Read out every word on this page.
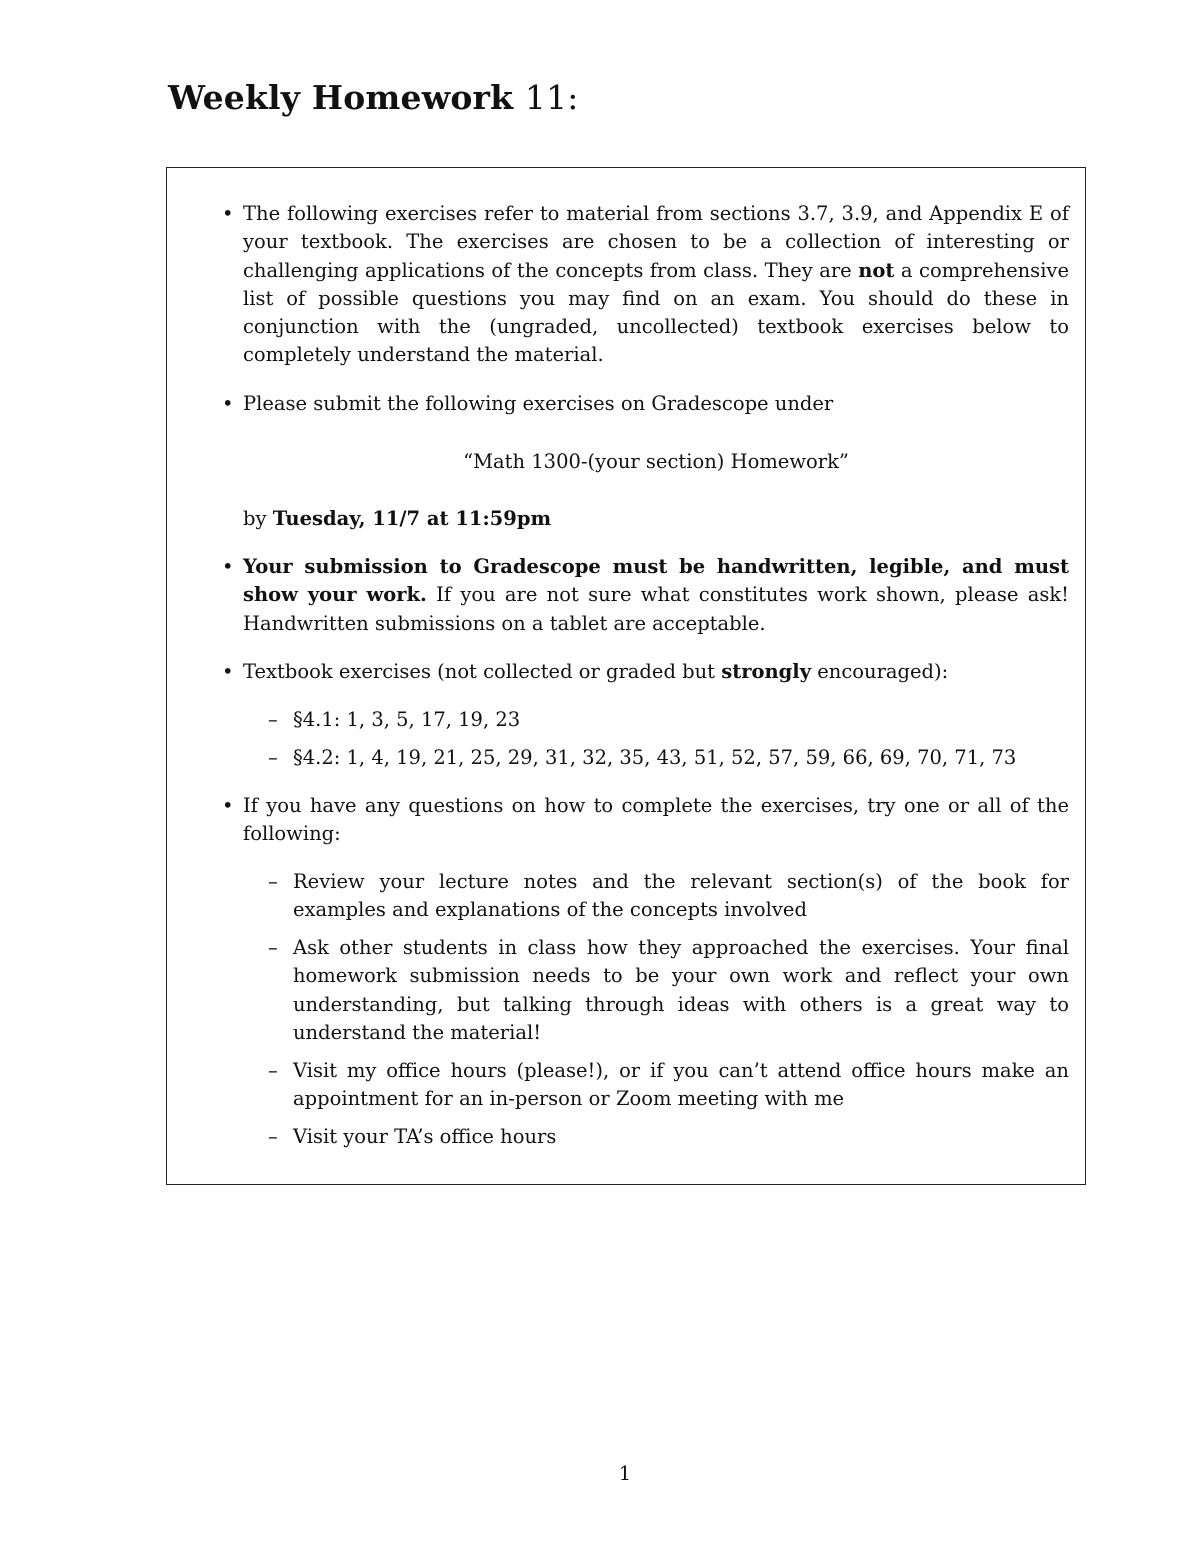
Weekly Homework 11:
• The following exercises refer to material from sections 3.7, 3.9, and Appendix E of your textbook. The exercises are chosen to be a collection of interesting or challenging applications of the concepts from class. They are not a comprehensive list of possible questions you may find on an exam. You should do these in conjunction with the (ungraded, uncollected) textbook exercises below to completely understand the material.
• Please submit the following exercises on Gradescope under
“Math 1300-(your section) Homework”
by Tuesday, 11/7 at 11:59pm
• Your submission to Gradescope must be handwritten, legible, and must show your work. If you are not sure what constitutes work shown, please ask! Handwritten submissions on a tablet are acceptable.
• Textbook exercises (not collected or graded but strongly encouraged):
– §4.1: 1, 3, 5, 17, 19, 23
– §4.2: 1, 4, 19, 21, 25, 29, 31, 32, 35, 43, 51, 52, 57, 59, 66, 69, 70, 71, 73
• If you have any questions on how to complete the exercises, try one or all of the following:
– Review your lecture notes and the relevant section(s) of the book for examples and explanations of the concepts involved
– Ask other students in class how they approached the exercises. Your final homework submission needs to be your own work and reflect your own understanding, but talking through ideas with others is a great way to understand the material!
– Visit my office hours (please!), or if you can’t attend office hours make an appointment for an in-person or Zoom meeting with me
– Visit your TA’s office hours
1
